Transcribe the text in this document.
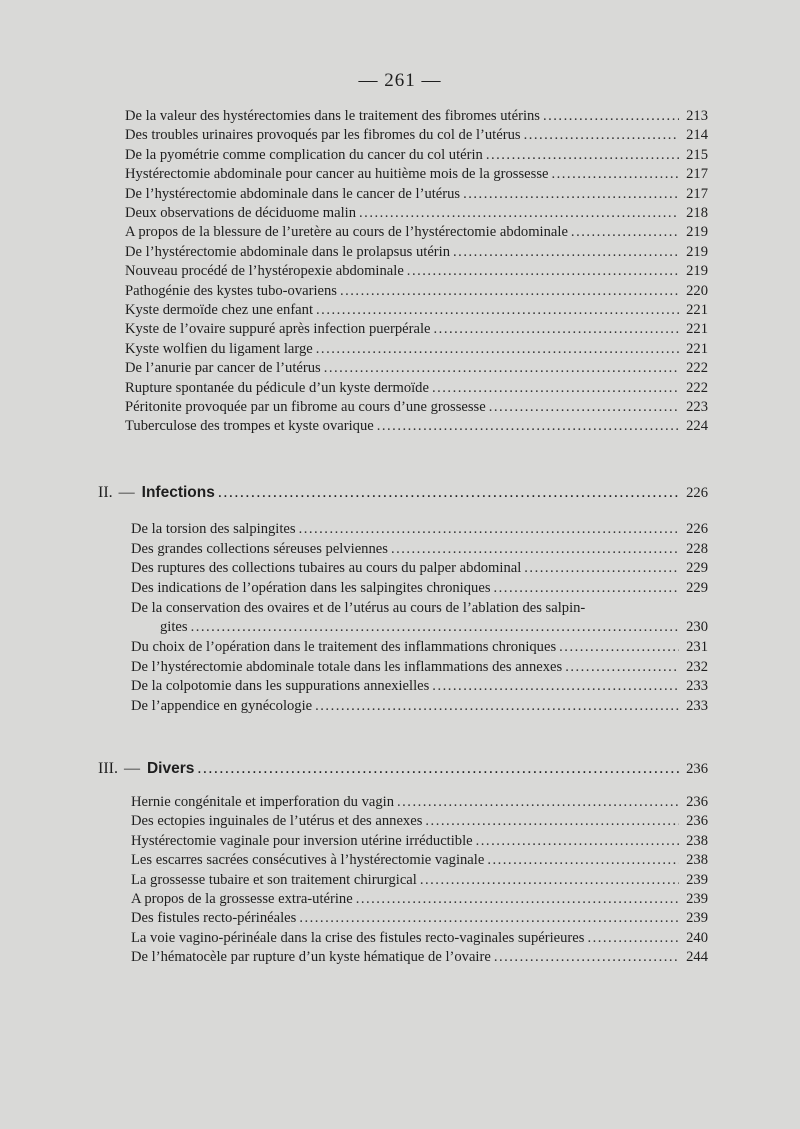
— 261 —
De la valeur des hystérectomies dans le traitement des fibromes utérins .....	213
Des troubles urinaires provoqués par les fibromes du col de l’utérus .....	214
De la pyométrie comme complication du cancer du col utérin .....	215
Hystérectomie abdominale pour cancer au huitième mois de la grossesse .....	217
De l’hystérectomie abdominale dans le cancer de l’utérus .....	217
Deux observations de déciduome malin .....	218
A propos de la blessure de l’uretère au cours de l’hystérectomie abdominale .....	219
De l’hystérectomie abdominale dans le prolapsus utérin .....	219
Nouveau procédé de l’hystéropexie abdominale .....	219
Pathogénie des kystes tubo-ovariens .....	220
Kyste dermoïde chez une enfant .....	221
Kyste de l’ovaire suppuré après infection puerpérale .....	221
Kyste wolfien du ligament large .....	221
De l’anurie par cancer de l’utérus .....	222
Rupture spontanée du pédicule d’un kyste dermoïde .....	222
Péritonite provoquée par un fibrome au cours d’une grossesse .....	223
Tuberculose des trompes et kyste ovarique .....	224
II. — Infections .....	226
De la torsion des salpingites .....	226
Des grandes collections séreuses pelviennes .....	228
Des ruptures des collections tubaires au cours du palper abdominal .....	229
Des indications de l’opération dans les salpingites chroniques .....	229
De la conservation des ovaires et de l’utérus au cours de l’ablation des salpin-
gites .....	230
Du choix de l’opération dans le traitement des inflammations chroniques .....	231
De l’hystérectomie abdominale totale dans les inflammations des annexes .....	232
De la colpotomie dans les suppurations annexielles .....	233
De l’appendice en gynécologie .....	233
III. — Divers .....	236
Hernie congénitale et imperforation du vagin .....	236
Des ectopies inguinales de l’utérus et des annexes .....	236
Hystérectomie vaginale pour inversion utérine irréductible .....	238
Les escarres sacrées consécutives à l’hystérectomie vaginale .....	238
La grossesse tubaire et son traitement chirurgical .....	239
A propos de la grossesse extra-utérine .....	239
Des fistules recto-périnéales .....	239
La voie vagino-périnéale dans la crise des fistules recto-vaginales supérieures .....	240
De l’hématocèle par rupture d’un kyste hématique de l’ovaire .....	244
